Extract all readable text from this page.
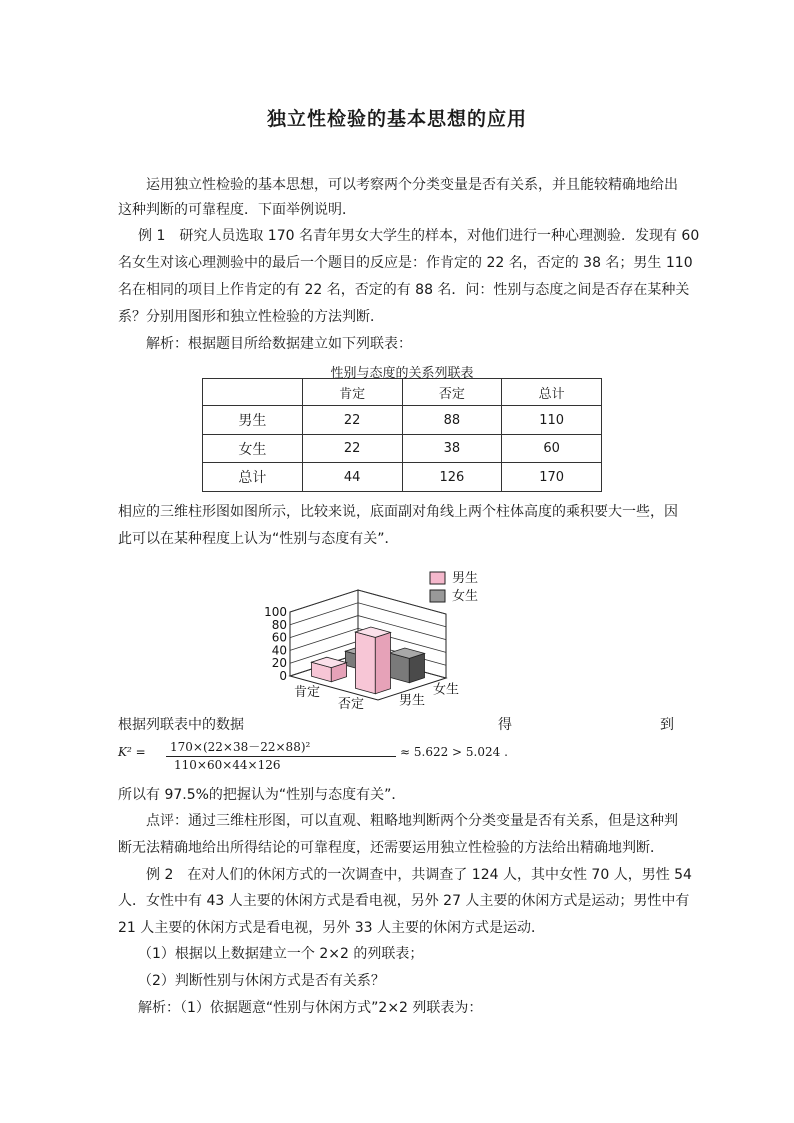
独立性检验的基本思想的应用
运用独立性检验的基本思想，可以考察两个分类变量是否有关系，并且能较精确地给出
这种判断的可靠程度．下面举例说明．
例 1　研究人员选取 170 名青年男女大学生的样本，对他们进行一种心理测验．发现有 60
名女生对该心理测验中的最后一个题目的反应是：作肯定的 22 名，否定的 38 名；男生 110
名在相同的项目上作肯定的有 22 名，否定的有 88 名．问：性别与态度之间是否存在某种关
系？分别用图形和独立性检验的方法判断．
解析：根据题目所给数据建立如下列联表：
性别与态度的关系列联表
	肯定	否定	总计
男生	22	88	110
女生	22	38	60
总计	44	126	170
相应的三维柱形图如图所示，比较来说，底面副对角线上两个柱体高度的乘积要大一些，因
此可以在某种程度上认为“性别与态度有关”．
0
20
40
60
80
100
肯定
否定	男生
女生
男生
女生
根据列联表中的数据	得	到
K² = 170×(22×38－22×88)²
110×60×44×126
≈ 5.622 > 5.024 .
所以有 97.5%的把握认为“性别与态度有关”．
点评：通过三维柱形图，可以直观、粗略地判断两个分类变量是否有关系，但是这种判
断无法精确地给出所得结论的可靠程度，还需要运用独立性检验的方法给出精确地判断．
例 2　在对人们的休闲方式的一次调查中，共调查了 124 人，其中女性 70 人，男性 54
人．女性中有 43 人主要的休闲方式是看电视，另外 27 人主要的休闲方式是运动；男性中有
21 人主要的休闲方式是看电视，另外 33 人主要的休闲方式是运动．
（1）根据以上数据建立一个 2×2 的列联表；
（2）判断性别与休闲方式是否有关系？
解析：（1）依据题意“性别与休闲方式”2×2 列联表为：
